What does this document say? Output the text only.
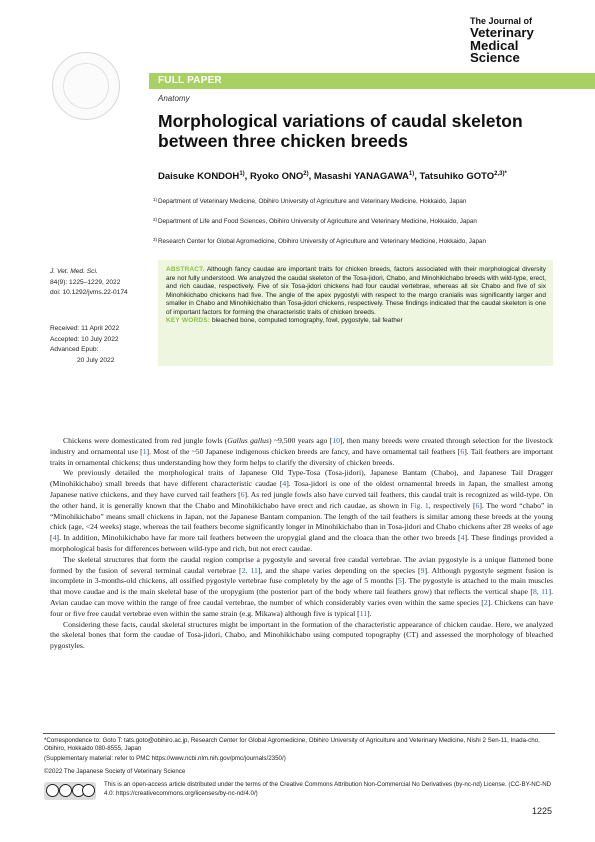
The Journal of
Veterinary
Medical
Science
FULL PAPER
Anatomy
Morphological variations of caudal skeleton
between three chicken breeds
Daisuke KONDOH$^{1)}$, Ryoko ONO$^{2)}$, Masashi YANAGAWA$^{1)}$, Tatsuhiko $GOTO^{2,3)*}$
1) Department of Veterinary Medicine, Obihiro University of Agriculture and Veterinary Medicine, Hokkaido, Japan
2) Department of Life and Food Sciences, Obihiro University of Agriculture and Veterinary Medicine, Hokkaido, Japan
3) Research Center for Global Agromedicine, Obihiro University of Agriculture and Veterinary Medicine, Hokkaido, Japan
J. Vet. Med. Sci.
84(9): 1225–1229, 2022
doi: 10.1292/jvms.22-0174
Received: 11 April 2022
Accepted: 10 July 2022
Advanced Epub:
20 July 2022

ABSTRACT. Although fancy caudae are important traits for chicken breeds, factors associated with their morphological diversity are not fully understood. We analyzed the caudal skeleton of the Tosa-jidori, Chabo, and Minohikichabo breeds with wild-type, erect, and rich caudae, respectively. Five of six Tosa-jidori chickens had four caudal vertebrae, whereas all six Chabo and five of six Minohikichabo chickens had five. The angle of the apex pygostyli with respect to the margo cranialis was significantly larger and smaller in Chabo and Minohikichabo than Tosa-jidori chickens, respectively. These findings indicated that the caudal skeleton is one of important factors for forming the characteristic traits of chicken breeds.
KEY WORDS: bleached bone, computed tomography, fowl, pygostyle, tail feather

Chickens were domesticated from red jungle fowls (Gallus gallus) ~9,500 years ago [10], then many breeds were created through selection for the livestock industry and ornamental use [1]. Most of the ~50 Japanese indigenous chicken breeds are fancy, and have ornamental tail feathers [6]. Tail feathers are important traits in ornamental chickens; thus understanding how they form helps to clarify the diversity of chicken breeds.

We previously detailed the morphological traits of Japanese Old Type-Tosa (Tosa-jidori), Japanese Bantam (Chabo), and Japanese Tail Dragger (Minohikichabo) small breeds that have different characteristic caudae [4]. Tosa-jidori is one of the oldest ornamental breeds in Japan, the smallest among Japanese native chickens, and they have curved tail feathers [6]. As red jungle fowls also have curved tail feathers, this caudal trait is recognized as wild-type. On the other hand, it is generally known that the Chabo and Minohikichabo have erect and rich caudae, as shown in Fig. 1, respectively [6]. The word “chabo” in “Minohikichabo” means small chickens in Japan, not the Japanese Bantam companion. The length of the tail feathers is similar among these breeds at the young chick (age, <24 weeks) stage, whereas the tail feathers become significantly longer in Minohikichabo than in Tosa-jidori and Chabo chickens after 28 weeks of age [4]. In addition, Minohikichabo have far more tail feathers between the uropygial gland and the cloaca than the other two breeds [4]. These findings provided a morphological basis for differences between wild-type and rich, but not erect caudae.

The skeletal structures that form the caudal region comprise a pygostyle and several free caudal vertebrae. The avian pygostyle is a unique flattened bone formed by the fusion of several terminal caudal vertebrae [2, 11], and the shape varies depending on the species [9]. Although pygostyle segment fusion is incomplete in 3-months-old chickens, all ossified pygostyle vertebrae fuse completely by the age of 5 months [5]. The pygostyle is attached to the main muscles that move caudae and is the main skeletal base of the uropygium (the posterior part of the body where tail feathers grow) that reflects the vertical shape [8, 11]. Avian caudae can move within the range of free caudal vertebrae, the number of which considerably varies even within the same species [2]. Chickens can have four or five free caudal vertebrae even within the same strain (e.g. Mikawa) although five is typical [11].

Considering these facts, caudal skeletal structures might be important in the formation of the characteristic appearance of chicken caudae. Here, we analyzed the skeletal bones that form the caudae of Tosa-jidori, Chabo, and Minohikichabo using computed topography (CT) and assessed the morphology of bleached pygostyles.

*Correspondence to: Goto T: tats.goto@obihiro.ac.jp, Research Center for Global Agromedicine, Obihiro University of Agriculture and Veterinary Medicine, Nishi 2 Sen-11, Inada-cho, Obihiro, Hokkaido 080-8555, Japan
(Supplementary material: refer to PMC https://www.ncbi.nlm.nih.gov/pmc/journals/2350/)
©2022 The Japanese Society of Veterinary Science
This is an open-access article distributed under the terms of the Creative Commons Attribution Non-Commercial No Derivatives (by-nc-nd) License. (CC-BY-NC-ND 4.0: https://creativecommons.org/licenses/by-nc-nd/4.0/)
1225
